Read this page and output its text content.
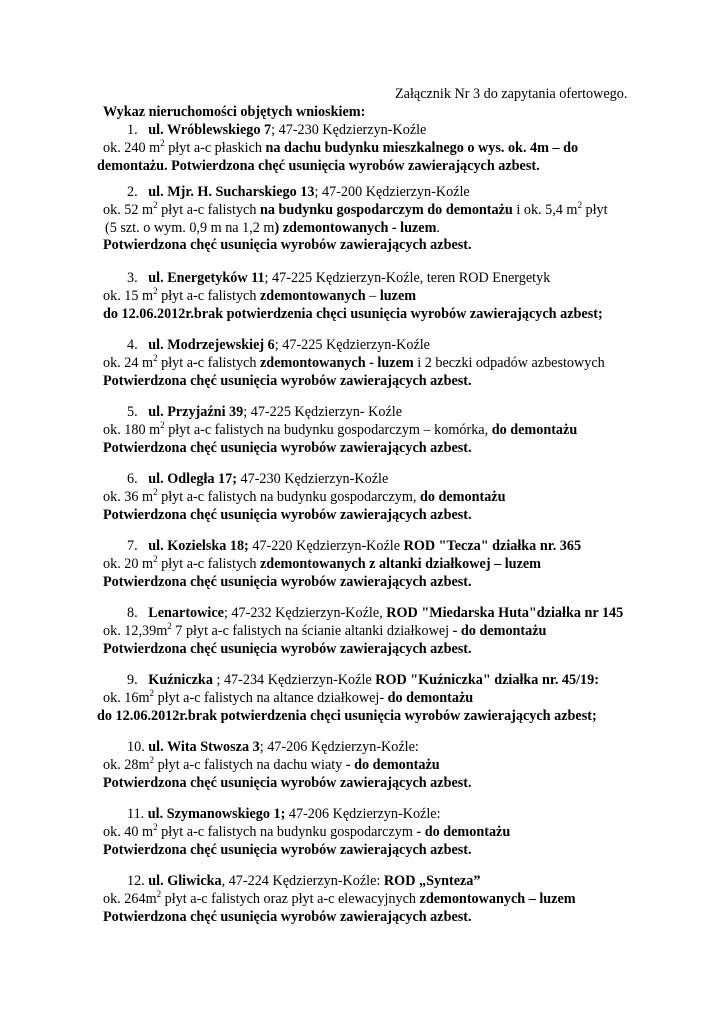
Załącznik Nr 3 do zapytania ofertowego.
Wykaz nieruchomości objętych wnioskiem:
1. ul. Wróblewskiego 7; 47-230 Kędzierzyn-Koźle
ok. 240 $m^2$ płyt a-c płaskich na dachu budynku mieszkalnego o wys. ok. 4m – do
demontażu. Potwierdzona chęć usunięcia wyrobów zawierających azbest.
2. ul. Mjr. H. Sucharskiego 13; 47-200 Kędzierzyn-Koźle
ok. 52 $m^2$ płyt a-c falistych na budynku gospodarczym do demontażu i ok. 5,4 $m^2$ płyt
(5 szt. o wym. 0,9 m na 1,2 m) zdemontowanych - luzem.
Potwierdzona chęć usunięcia wyrobów zawierających azbest.
3. ul. Energetyków 11; 47-225 Kędzierzyn-Koźle, teren ROD Energetyk
ok. 15 $m^2$ płyt a-c falistych zdemontowanych – luzem
do 12.06.2012r.brak potwierdzenia chęci usunięcia wyrobów zawierających azbest;
4. ul. Modrzejewskiej 6; 47-225 Kędzierzyn-Koźle
ok. 24 $m^2$ płyt a-c falistych zdemontowanych - luzem i 2 beczki odpadów azbestowych
Potwierdzona chęć usunięcia wyrobów zawierających azbest.
5. ul. Przyjaźni 39; 47-225 Kędzierzyn- Koźle
ok. 180 $m^2$ płyt a-c falistych na budynku gospodarczym – komórka, do demontażu
Potwierdzona chęć usunięcia wyrobów zawierających azbest.
6. ul. Odległa 17; 47-230 Kędzierzyn-Koźle
ok. 36 $m^2$ płyt a-c falistych na budynku gospodarczym, do demontażu
Potwierdzona chęć usunięcia wyrobów zawierających azbest.
7. ul. Kozielska 18; 47-220 Kędzierzyn-Koźle ROD "Tecza" działka nr. 365
ok. 20 $m^2$ płyt a-c falistych zdemontowanych z altanki działkowej – luzem
Potwierdzona chęć usunięcia wyrobów zawierających azbest.
8. Lenartowice; 47-232 Kędzierzyn-Koźle, ROD "Miedarska Huta"działka nr 145
ok. $12,39m^2$ 7 płyt a-c falistych na ścianie altanki działkowej - do demontażu
Potwierdzona chęć usunięcia wyrobów zawierających azbest.
9. Kuźniczka ; 47-234 Kędzierzyn-Koźle ROD "Kuźniczka" działka nr. 45/19:
ok. $16m^2$ płyt a-c falistych na altance działkowej- do demontażu
do 12.06.2012r.brak potwierdzenia chęci usunięcia wyrobów zawierających azbest;
10. ul. Wita Stwosza 3; 47-206 Kędzierzyn-Koźle:
ok. $28m^2$ płyt a-c falistych na dachu wiaty - do demontażu
Potwierdzona chęć usunięcia wyrobów zawierających azbest.
11. ul. Szymanowskiego 1; 47-206 Kędzierzyn-Koźle:
ok. 40 $m^2$ płyt a-c falistych na budynku gospodarczym - do demontażu
Potwierdzona chęć usunięcia wyrobów zawierających azbest.
12. ul. Gliwicka, 47-224 Kędzierzyn-Koźle: ROD „Synteza”
ok. $264m^2$ płyt a-c falistych oraz płyt a-c elewacyjnych zdemontowanych – luzem
Potwierdzona chęć usunięcia wyrobów zawierających azbest.
